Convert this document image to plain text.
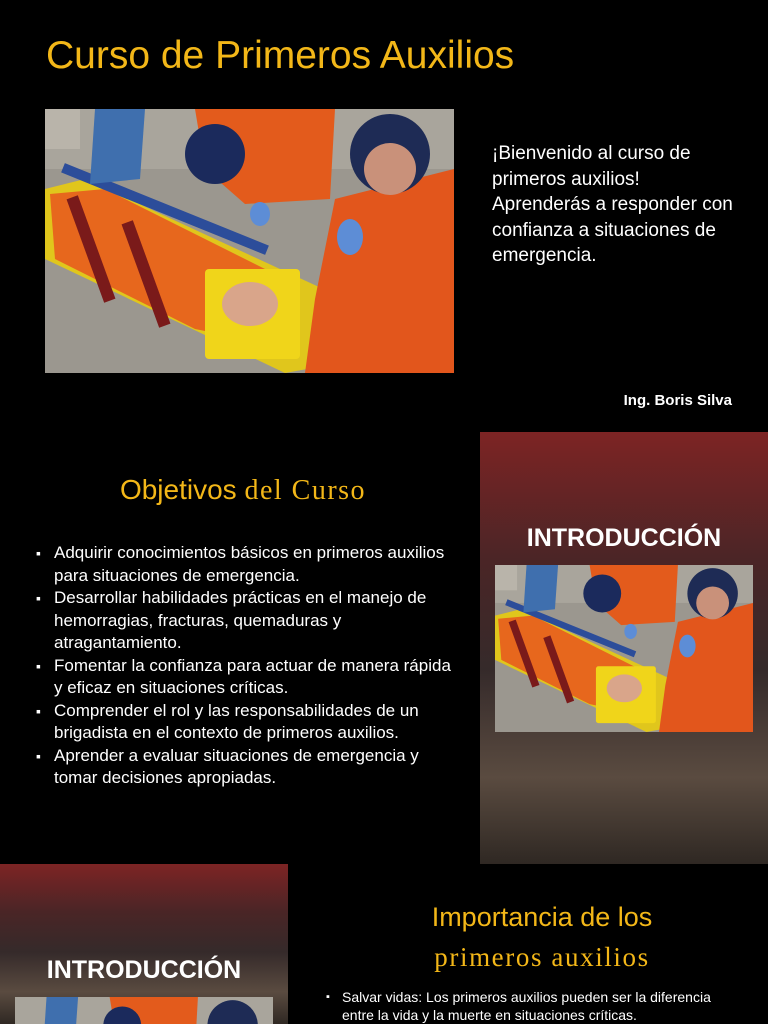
Curso de Primeros Auxilios
¡Bienvenido al curso de primeros auxilios! Aprenderás a responder con confianza a situaciones de emergencia.
Ing. Boris Silva
Objetivos del Curso
▪ Adquirir conocimientos básicos en primeros auxilios para situaciones de emergencia.
▪ Desarrollar habilidades prácticas en el manejo de hemorragias, fracturas, quemaduras y atragantamiento.
▪ Fomentar la confianza para actuar de manera rápida y eficaz en situaciones críticas.
▪ Comprender el rol y las responsabilidades de un brigadista en el contexto de primeros auxilios.
▪ Aprender a evaluar situaciones de emergencia y tomar decisiones apropiadas.
INTRODUCCIÓN
INTRODUCCIÓN
Importancia de los
primeros auxilios
▪ Salvar vidas: Los primeros auxilios pueden ser la diferencia entre la vida y la muerte en situaciones críticas.
